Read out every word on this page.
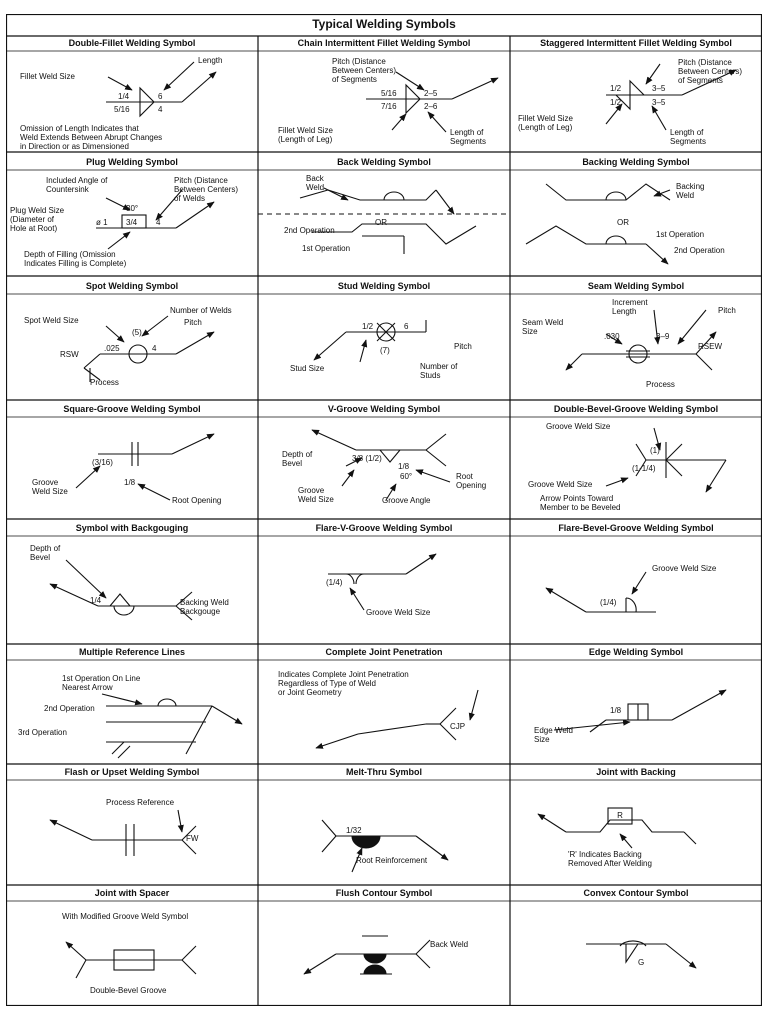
Typical Welding Symbols
Double-Fillet Welding Symbol	Chain Intermittent Fillet Welding Symbol	Staggered Intermittent Fillet Welding Symbol
Plug Welding Symbol	Back Welding Symbol	Backing Welding Symbol
Spot Welding Symbol	Stud Welding Symbol	Seam Welding Symbol
Square-Groove Welding Symbol	V-Groove Welding Symbol	Double-Bevel-Groove Welding Symbol
Symbol with Backgouging	Flare-V-Groove Welding Symbol	Flare-Bevel-Groove Welding Symbol
Multiple Reference Lines	Complete Joint Penetration	Edge Welding Symbol
Flash or Upset Welding Symbol	Melt-Thru Symbol	Joint with Backing
Joint with Spacer	Flush Contour Symbol	Convex Contour Symbol
Fillet Weld Size
Length
1/4
5/16
6
4
Omission of Length Indicates that
Weld Extends Between Abrupt Changes
in Direction or as Dimensioned
Pitch (Distance
Between Centers)
of Segments
5/16
7/16
2–5
2–6
Fillet Weld Size
(Length of Leg)
Length of
Segments
Pitch (Distance
Between Centers)
of Segments
1/2
1/2
3–5
3–5
Fillet Weld Size
(Length of Leg)
Length of
Segments
Included Angle of
Countersink
Pitch (Distance
Between Centers)
of Welds
Plug Weld Size
(Diameter of
Hole at Root)
30°
3/4 4
ø 1
Depth of Filling (Omission
Indicates Filling is Complete)
Back
Weld
OR
2nd Operation
1st Operation
Backing
Weld
OR
1st Operation
2nd Operation
Spot Weld Size
Number of Welds
Pitch
(5)
.025	4
RSW
Process
1/2	6
(7)	Pitch
Stud Size	Number of
Studs
Increment
Length	Pitch
Seam Weld
Size
.030	3–9
RSEW
Process
(3/16)
1/8
Groove
Weld Size
Root Opening
Depth of
Bevel
3/8 (1/2)
1/8
60°	Root
Opening
Groove
Weld Size	Groove Angle
Groove Weld Size
(1)
(1-1/4)
Groove Weld Size
Arrow Points Toward
Member to be Beveled
Depth of
Bevel
1/4	Backing Weld
Backgouge
(1/4)
Groove Weld Size
Groove Weld Size
(1/4)
1st Operation On Line
Nearest Arrow
2nd Operation
3rd Operation
Indicates Complete Joint Penetration
Regardless of Type of Weld
or Joint Geometry
CJP
1/8
Edge Weld
Size
Process Reference
FW
1/32
Root Reinforcement
R
'R' Indicates Backing
Removed After Welding
With Modified Groove Weld Symbol
Double-Bevel Groove
Back Weld
G
